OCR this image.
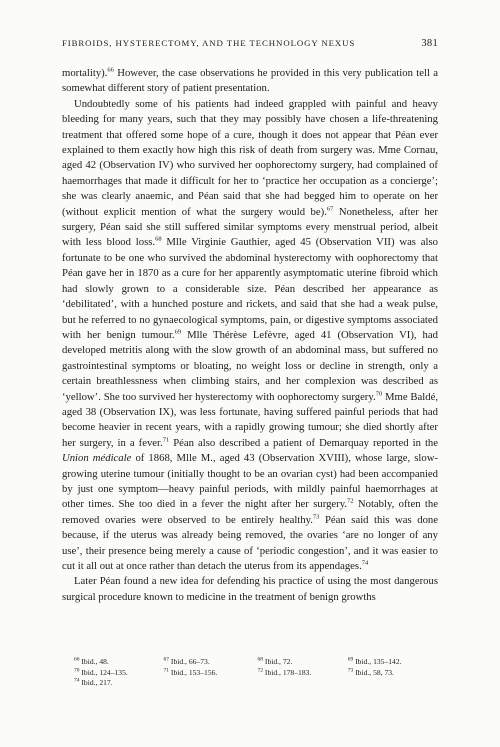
FIBROIDS, HYSTERECTOMY, AND THE TECHNOLOGY NEXUS	381

mortality).$^{66}$ However, the case observations he provided in this very publication tell a somewhat different story of patient presentation.

Undoubtedly some of his patients had indeed grappled with painful and heavy bleeding for many years, such that they may possibly have chosen a life-threatening treatment that offered some hope of a cure, though it does not appear that Péan ever explained to them exactly how high this risk of death from surgery was. Mme Cornau, aged 42 (Observation IV) who survived her oophorectomy surgery, had complained of haemorrhages that made it difficult for her to ‘practice her occupation as a concierge’; she was clearly anaemic, and Péan said that she had begged him to operate on her (without explicit mention of what the surgery would be).$^{67}$ Nonetheless, after her surgery, Péan said she still suffered similar symptoms every menstrual period, albeit with less blood loss.$^{68}$ Mlle Virginie Gauthier, aged 45 (Observation VII) was also fortunate to be one who survived the abdominal hysterectomy with oophorectomy that Péan gave her in 1870 as a cure for her apparently asymptomatic uterine fibroid which had slowly grown to a considerable size. Péan described her appearance as ‘debilitated’, with a hunched posture and rickets, and said that she had a weak pulse, but he referred to no gynaecological symptoms, pain, or digestive symptoms associated with her benign tumour.$^{69}$ Mlle Thérèse Lefèvre, aged 41 (Observation VI), had developed metritis along with the slow growth of an abdominal mass, but suffered no gastrointestinal symptoms or bloating, no weight loss or decline in strength, only a certain breathlessness when climbing stairs, and her complexion was described as ‘yellow’. She too survived her hysterectomy with oophorectomy surgery.$^{70}$ Mme Baldé, aged 38 (Observation IX), was less fortunate, having suffered painful periods that had become heavier in recent years, with a rapidly growing tumour; she died shortly after her surgery, in a fever.$^{71}$ Péan also described a patient of Demarquay reported in the Union médicale of 1868, Mlle M., aged 43 (Observation XVIII), whose large, slow-growing uterine tumour (initially thought to be an ovarian cyst) had been accompanied by just one symptom—heavy painful periods, with mildly painful haemorrhages at other times. She too died in a fever the night after her surgery.$^{72}$ Notably, often the removed ovaries were observed to be entirely healthy.$^{73}$ Péan said this was done because, if the uterus was already being removed, the ovaries ‘are no longer of any use’, their presence being merely a cause of ‘periodic congestion’, and it was easier to cut it all out at once rather than detach the uterus from its appendages.$^{74}$

Later Péan found a new idea for defending his practice of using the most dangerous surgical procedure known to medicine in the treatment of benign growths

$^{66}$ Ibid., 48.	$^{67}$ Ibid., 66–73.	$^{68}$ Ibid., 72.	$^{69}$ Ibid., 135–142.
$^{70}$ Ibid., 124–135.	$^{71}$ Ibid., 153–156.	$^{72}$ Ibid., 178–183.	$^{73}$ Ibid., 58, 73.
$^{74}$ Ibid., 217.
